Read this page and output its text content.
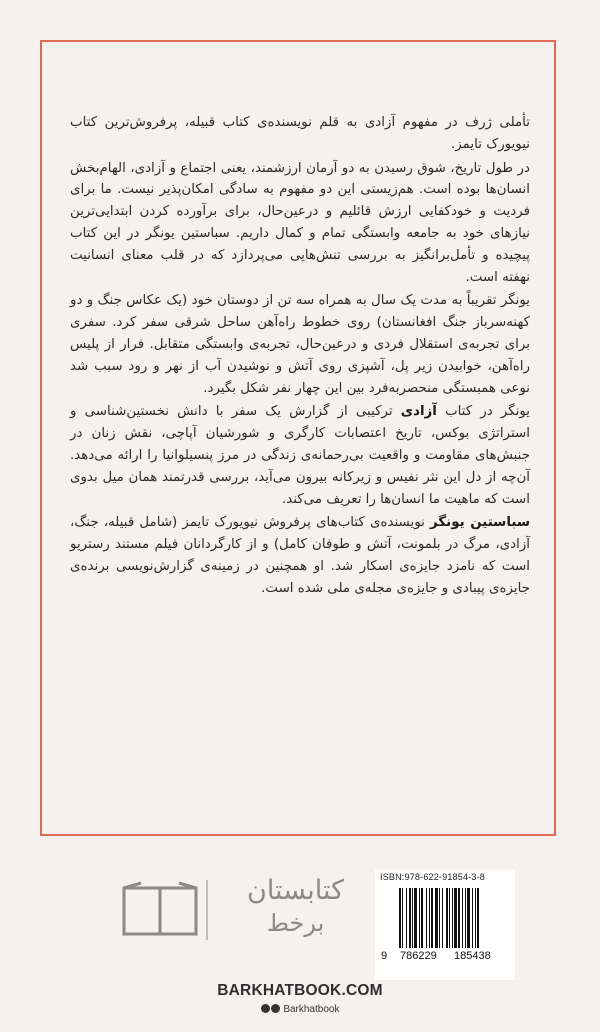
تأملی ژرف در مفهوم آزادی به قلم نویسنده‌ی کتاب قبیله، پرفروش‌ترین کتاب نیویورک تایمز.

در طول تاریخ، شوق رسیدن به دو آرمان ارزشمند، یعنی اجتماع و آزادی، الهام‌بخش انسان‌ها بوده است. هم‌زیستی این دو مفهوم به سادگی امکان‌پذیر نیست. ما برای فردیت و خودکفایی ارزش قائلیم و درعین‌حال، برای برآورده کردن ابتدایی‌ترین نیازهای خود به جامعه وابستگی تمام و کمال داریم. سباستین یونگر در این کتاب پیچیده و تأمل‌برانگیز به بررسی تنش‌هایی می‌پردازد که در قلب معنای انسانیت نهفته است.

یونگر تقریباً به مدت یک سال به همراه سه تن از دوستان خود (یک عکاس جنگ و دو کهنه‌سرباز جنگ افغانستان) روی خطوط راه‌آهن ساحل شرقی سفر کرد. سفری برای تجربه‌ی استقلال فردی و درعین‌حال، تجربه‌ی وابستگی متقابل. فرار از پلیس راه‌آهن، خوابیدن زیر پل، آشپزی روی آتش و نوشیدن آب از نهر و رود سبب شد نوعی همبستگی منحصربه‌فرد بین این چهار نفر شکل بگیرد.

یونگر در کتاب آزادی ترکیبی از گزارش یک سفر با دانش نخستین‌شناسی و استراتژی بوکس، تاریخ اعتصابات کارگری و شورشیان آپاچی، نقش زنان در جنبش‌های مقاومت و واقعیت بی‌رحمانه‌ی زندگی در مرز پنسیلوانیا را ارائه می‌دهد. آن‌چه از دل این نثر نفیس و زیرکانه بیرون می‌آید، بررسی قدرتمند همان میل بدوی است که ماهیت ما انسان‌ها را تعریف می‌کند.

سباستین یونگر نویسنده‌ی کتاب‌های پرفروش نیویورک تایمز (شامل قبیله، جنگ، آزادی، مرگ در بلمونت، آتش و طوفان کامل) و از کارگردانان فیلم مستند رستریو است که نامزد جایزه‌ی اسکار شد. او همچنین در زمینه‌ی گزارش‌نویسی برنده‌ی جایزه‌ی پیبادی و جایزه‌ی مجله‌ی ملی شده است.

کتابستان
برخط
ISBN:978-622-91854-3-8
9 786229 185438
BARKHATBOOK.COM
Barkhatbook
